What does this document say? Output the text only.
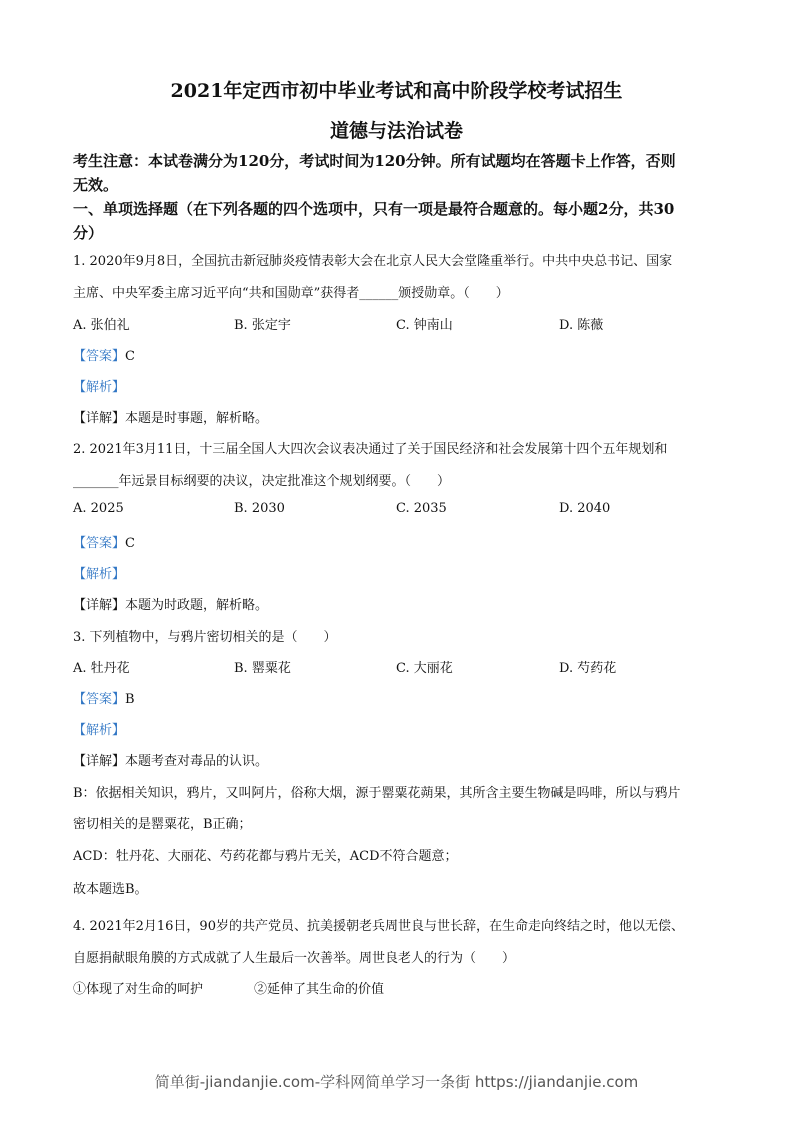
2021年定西市初中毕业考试和高中阶段学校考试招生
道德与法治试卷
考生注意：本试卷满分为120分，考试时间为120分钟。所有试题均在答题卡上作答，否则
无效。
一、单项选择题（在下列各题的四个选项中，只有一项是最符合题意的。每小题2分，共30
分）
1. 2020年9月8日，全国抗击新冠肺炎疫情表彰大会在北京人民大会堂隆重举行。中共中央总书记、国家
主席、中央军委主席习近平向“共和国勋章”获得者______颁授勋章。（　　）
A. 张伯礼	B. 张定宇	C. 钟南山	D. 陈薇
【答案】C
【解析】
【详解】本题是时事题，解析略。
2. 2021年3月11日，十三届全国人大四次会议表决通过了关于国民经济和社会发展第十四个五年规划和
_______年远景目标纲要的决议，决定批准这个规划纲要。（　　）
A. 2025	B. 2030	C. 2035	D. 2040
【答案】C
【解析】
【详解】本题为时政题，解析略。
3. 下列植物中，与鸦片密切相关的是（　　）
A. 牡丹花	B. 罂粟花	C. 大丽花	D. 芍药花
【答案】B
【解析】
【详解】本题考查对毒品的认识。
B：依据相关知识，鸦片，又叫阿片，俗称大烟，源于罂粟花蒴果，其所含主要生物碱是吗啡，所以与鸦片
密切相关的是罂粟花，B正确；
ACD：牡丹花、大丽花、芍药花都与鸦片无关，ACD不符合题意；
故本题选B。
4. 2021年2月16日，90岁的共产党员、抗美援朝老兵周世良与世长辞，在生命走向终结之时，他以无偿、
自愿捐献眼角膜的方式成就了人生最后一次善举。周世良老人的行为（　　）
①体现了对生命的呵护	②延伸了其生命的价值
简单街-jiandanjie.com-学科网简单学习一条街 https://jiandanjie.com
